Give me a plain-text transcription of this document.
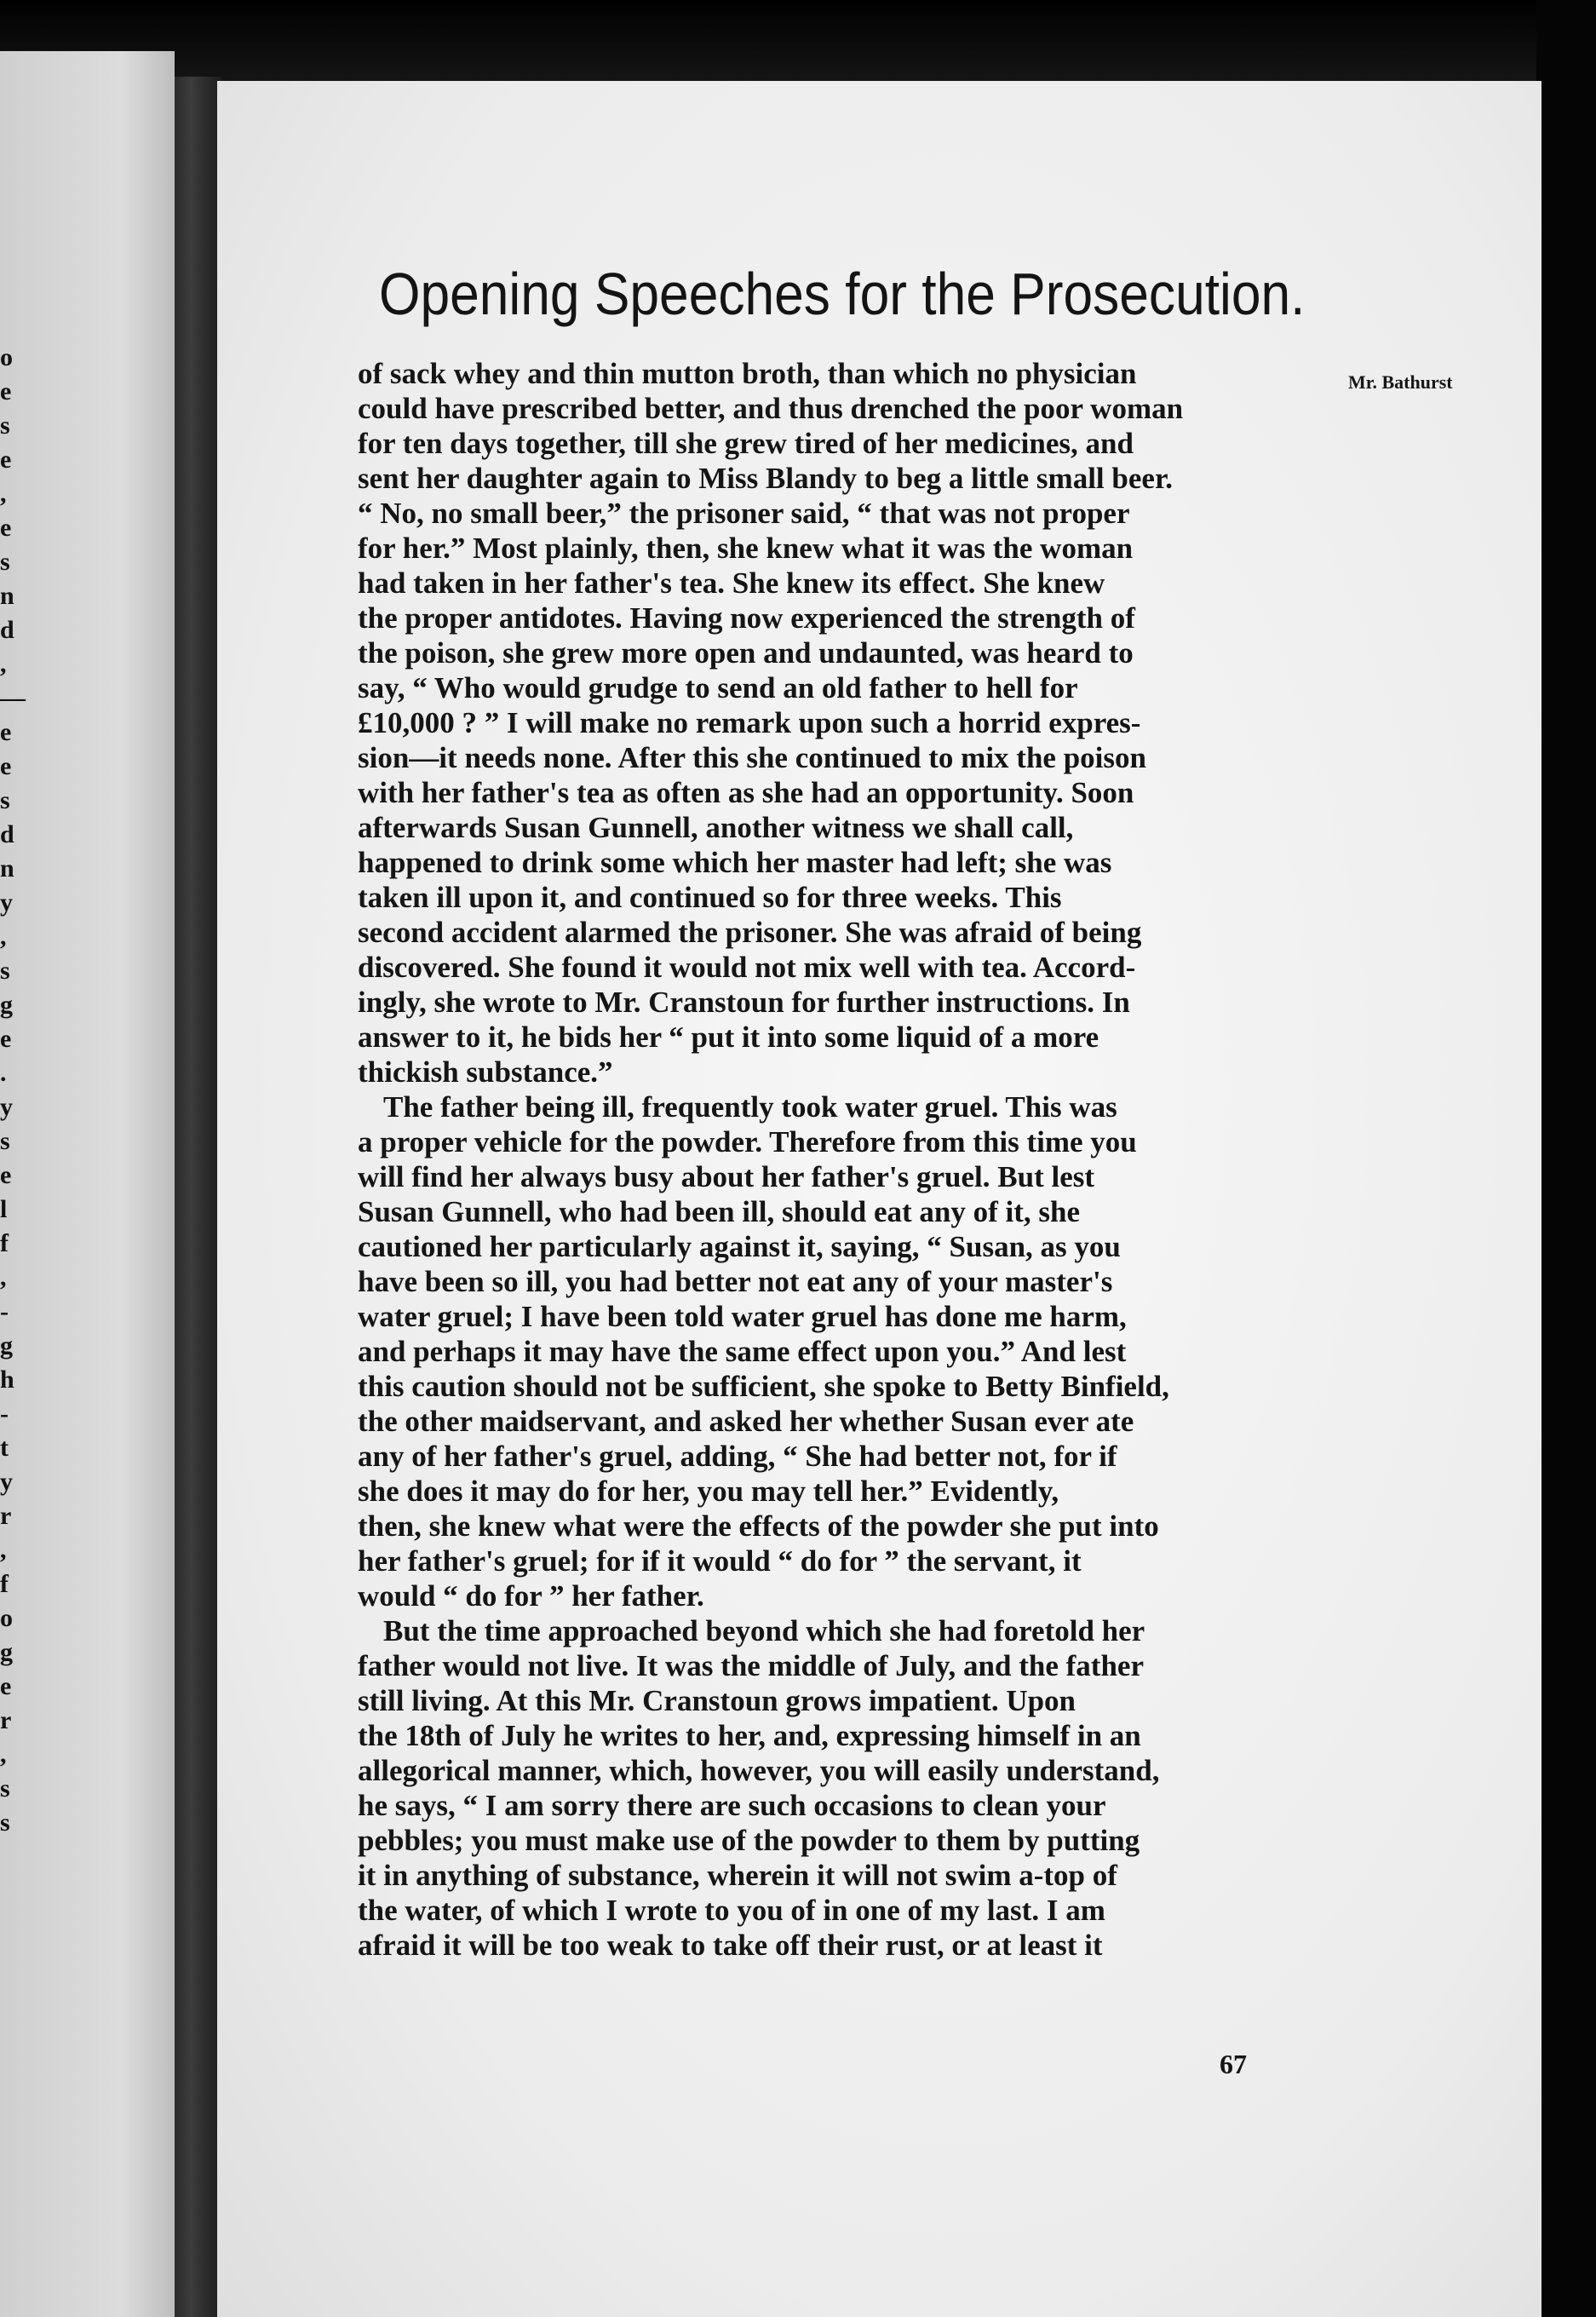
o
e
s
e
,
e
s
n
d
,
—
e
e
s
d
n
y
,
s
g
e
.
y
s
e
l
f
,
-
g
h
-
t
y
r
,
f
o
g
e
r
,
s
s
Opening Speeches for the Prosecution.
Mr. Bathurst
of sack whey and thin mutton broth, than which no physician
could have prescribed better, and thus drenched the poor woman
for ten days together, till she grew tired of her medicines, and
sent her daughter again to Miss Blandy to beg a little small beer.
“ No, no small beer,” the prisoner said, “ that was not proper
for her.” Most plainly, then, she knew what it was the woman
had taken in her father's tea. She knew its effect. She knew
the proper antidotes. Having now experienced the strength of
the poison, she grew more open and undaunted, was heard to
say, “ Who would grudge to send an old father to hell for
£10,000 ? ” I will make no remark upon such a horrid expres-
sion—it needs none. After this she continued to mix the poison
with her father's tea as often as she had an opportunity. Soon
afterwards Susan Gunnell, another witness we shall call,
happened to drink some which her master had left; she was
taken ill upon it, and continued so for three weeks. This
second accident alarmed the prisoner. She was afraid of being
discovered. She found it would not mix well with tea. Accord-
ingly, she wrote to Mr. Cranstoun for further instructions. In
answer to it, he bids her “ put it into some liquid of a more
thickish substance.”
The father being ill, frequently took water gruel. This was
a proper vehicle for the powder. Therefore from this time you
will find her always busy about her father's gruel. But lest
Susan Gunnell, who had been ill, should eat any of it, she
cautioned her particularly against it, saying, “ Susan, as you
have been so ill, you had better not eat any of your master's
water gruel; I have been told water gruel has done me harm,
and perhaps it may have the same effect upon you.” And lest
this caution should not be sufficient, she spoke to Betty Binfield,
the other maidservant, and asked her whether Susan ever ate
any of her father's gruel, adding, “ She had better not, for if
she does it may do for her, you may tell her.” Evidently,
then, she knew what were the effects of the powder she put into
her father's gruel; for if it would “ do for ” the servant, it
would “ do for ” her father.
But the time approached beyond which she had foretold her
father would not live. It was the middle of July, and the father
still living. At this Mr. Cranstoun grows impatient. Upon
the 18th of July he writes to her, and, expressing himself in an
allegorical manner, which, however, you will easily understand,
he says, “ I am sorry there are such occasions to clean your
pebbles; you must make use of the powder to them by putting
it in anything of substance, wherein it will not swim a-top of
the water, of which I wrote to you of in one of my last. I am
afraid it will be too weak to take off their rust, or at least it
67
